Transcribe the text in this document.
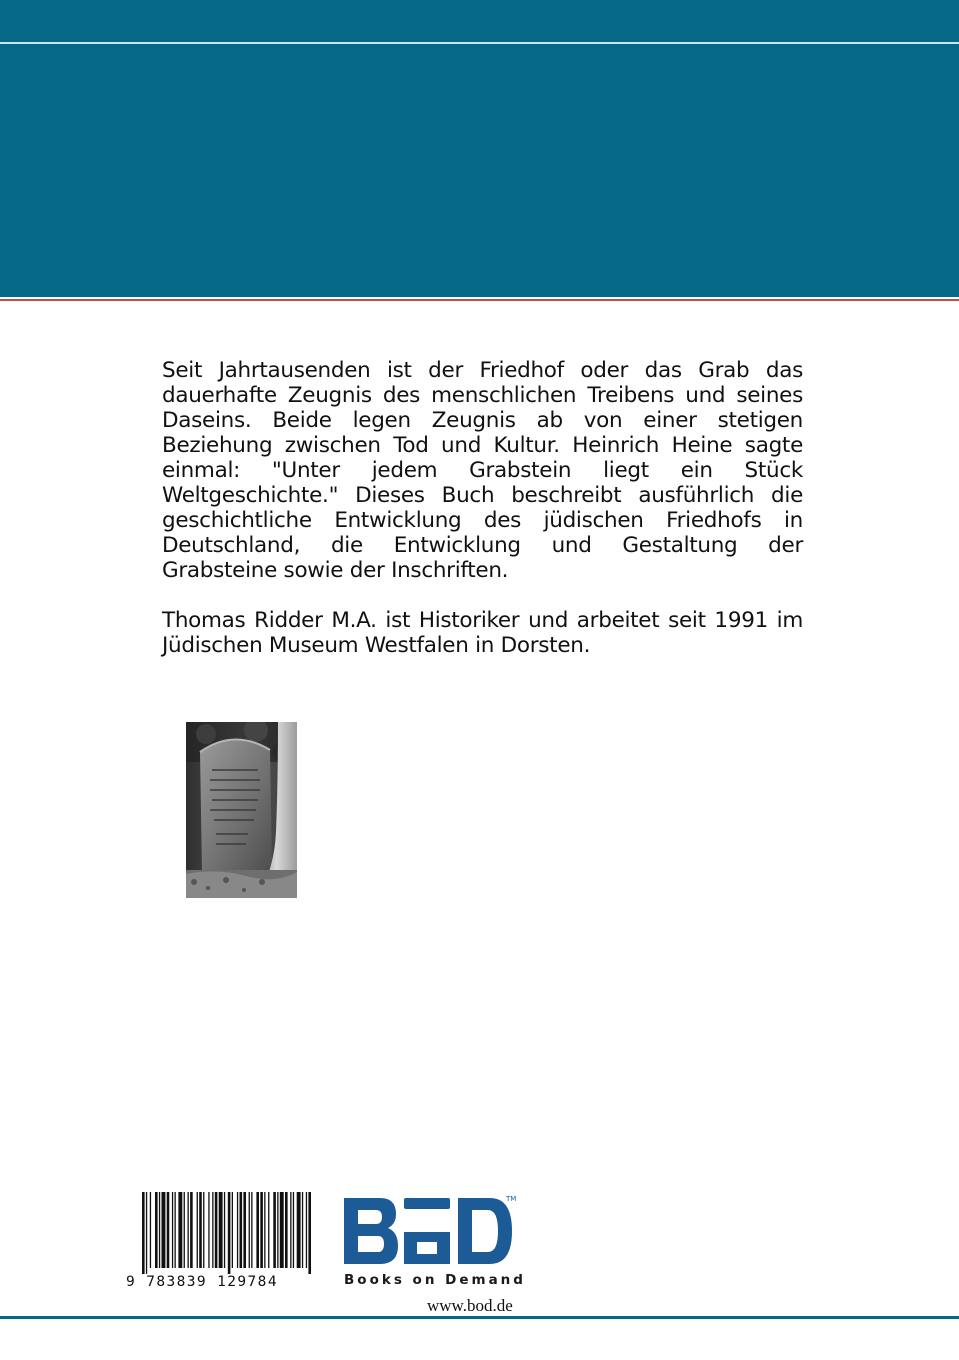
Seit Jahrtausenden ist der Friedhof oder das Grab das dauerhafte Zeugnis des menschlichen Treibens und seines Daseins. Beide legen Zeugnis ab von einer stetigen Beziehung zwischen Tod und Kultur. Heinrich Heine sagte einmal: "Unter jedem Grabstein liegt ein Stück Weltgeschichte." Dieses Buch beschreibt ausführlich die geschichtliche Entwicklung des jüdischen Friedhofs in Deutschland, die Entwicklung und Gestaltung der Grabsteine sowie der Inschriften.

Thomas Ridder M.A. ist Historiker und arbeitet seit 1991 im Jüdischen Museum Westfalen in Dorsten.

9 783839 129784
TM
Books on Demand
www.bod.de
